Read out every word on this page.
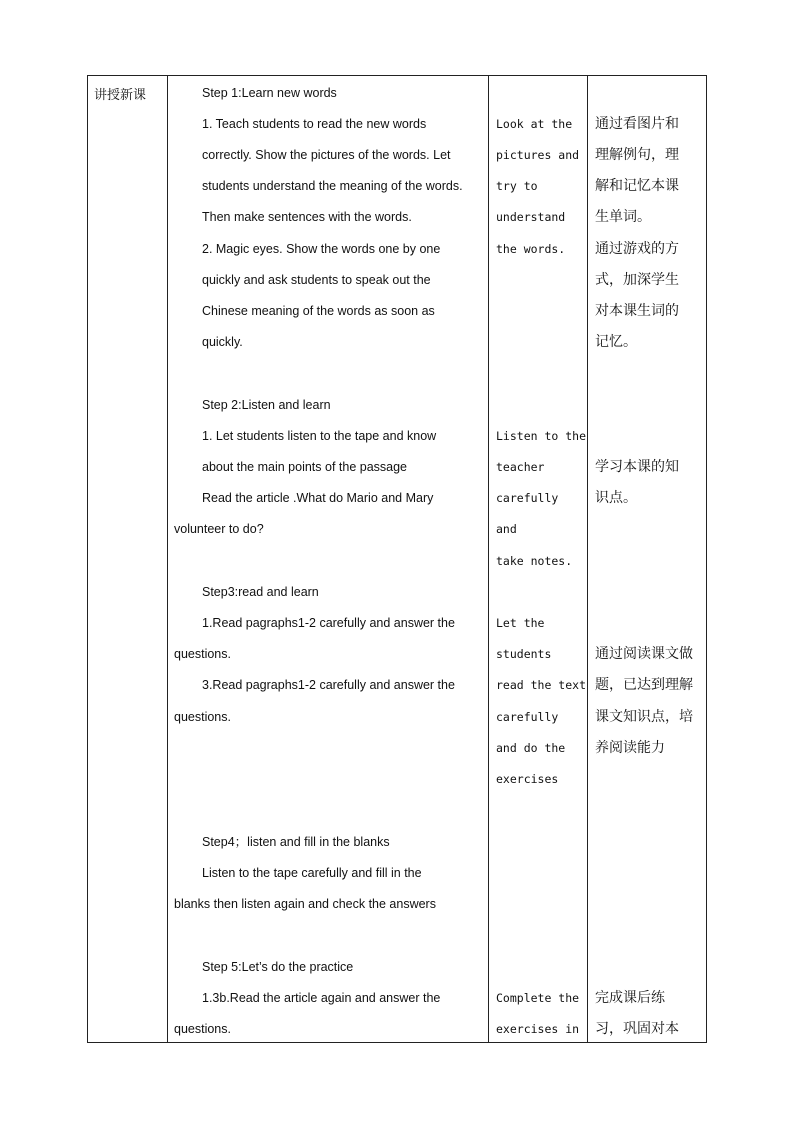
讲授新课	Step 1:Learn new words
1. Teach students to read the new words
correctly. Show the pictures of the words. Let
students understand the meaning of the words.
Then make sentences with the words.
2. Magic eyes. Show the words one by one
quickly and ask students to speak out the
Chinese meaning of the words as soon as
quickly.
Step 2:Listen and learn
1. Let students listen to the tape and know
about the main points of the passage
Read the article .What do Mario and Mary
volunteer to do?
Step3:read and learn
1.Read pagraphs1-2 carefully and answer the
questions.
3.Read pagraphs1-2 carefully and answer the
questions.
Step4；listen and fill in the blanks
Listen to the tape carefully and fill in the
blanks then listen again and check the answers
Step 5:Let’s do the practice
1.3b.Read the article again and answer the
questions.
Look at the
pictures and
try to
understand
the words.
Listen to the
teacher
carefully
and
take notes.
Let the
students
read the text
carefully
and do the
exercises
Complete the
exercises in
通过看图片和
理解例句，理
解和记忆本课
生单词。
通过游戏的方
式，加深学生
对本课生词的
记忆。
学习本课的知
识点。
通过阅读课文做
题，已达到理解
课文知识点，培
养阅读能力
完成课后练
习，巩固对本
